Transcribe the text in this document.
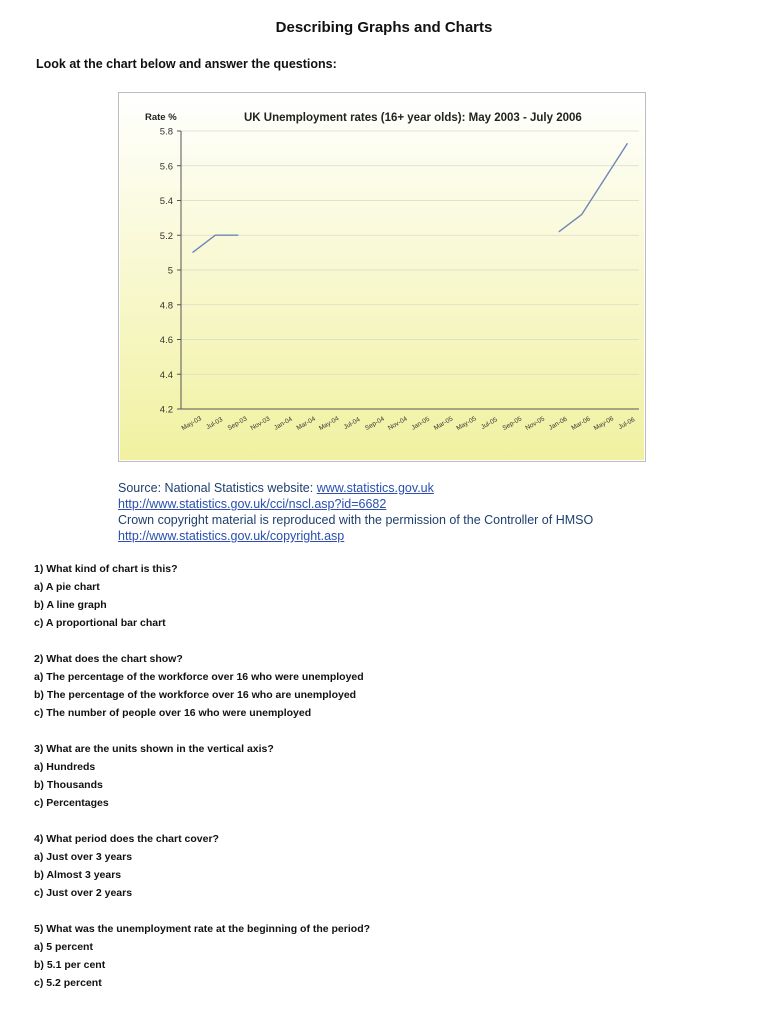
Describing Graphs and Charts
Look at the chart below and answer the questions:
UK Unemployment rates (16+ year olds): May 2003 - July 2006
Rate %
5.8
5.6
5.4
5.2
5
4.8
4.6
4.4
4.2
May-03 Jul-03 Sep-03 Nov-03 Jan-04 Mar-04 May-04 Jul-04 Sep-04 Nov-04 Jan-05 Mar-05 May-05 Jul-05 Sep-05 Nov-05 Jan-06 Mar-06 May-06 Jul-06
Source: National Statistics website: www.statistics.gov.uk
http://www.statistics.gov.uk/cci/nscl.asp?id=6682
Crown copyright material is reproduced with the permission of the Controller of HMSO
http://www.statistics.gov.uk/copyright.asp

1) What kind of chart is this?

a) A pie chart

b) A line graph

c) A proportional bar chart

2) What does the chart show?

a) The percentage of the workforce over 16 who were unemployed

b) The percentage of the workforce over 16 who are unemployed

c) The number of people over 16 who were unemployed

3) What are the units shown in the vertical axis?

a) Hundreds

b) Thousands

c) Percentages

4) What period does the chart cover?

a) Just over 3 years

b) Almost 3 years

c) Just over 2 years

5) What was the unemployment rate at the beginning of the period?

a) 5 percent

b) 5.1 per cent

c) 5.2 percent
